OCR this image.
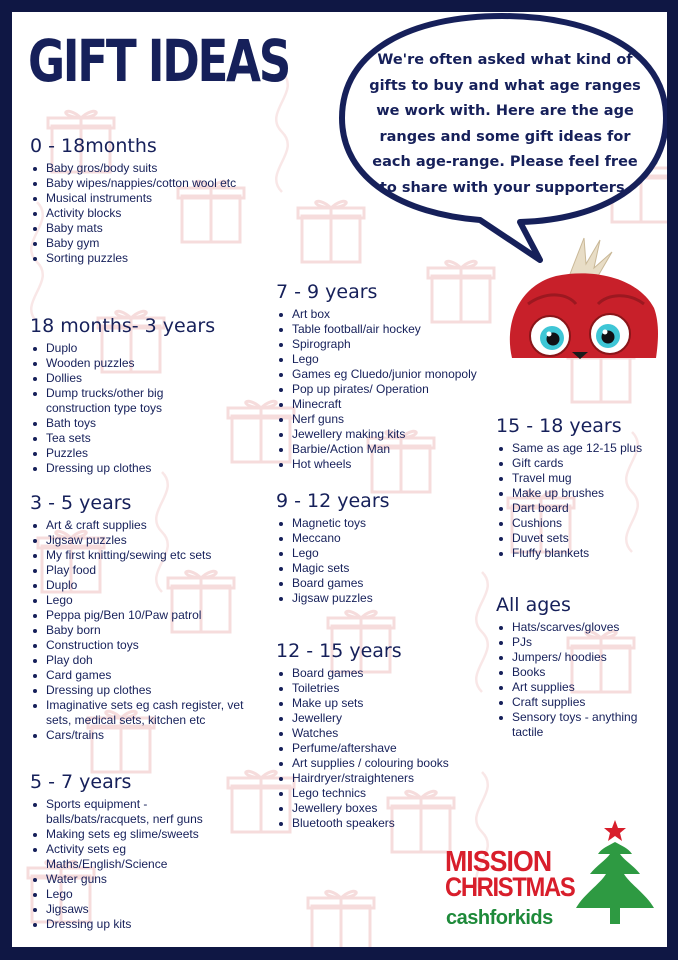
GIFT IDEAS	We're often asked what kind of gifts to buy and what age ranges we work with. Here are the age ranges and some gift ideas for each age-range. Please feel free to share with your supporters.
0 - 18months
Baby gros/body suits
Baby wipes/nappies/cotton wool etc
Musical instruments
Activity blocks
Baby mats
Baby gym
Sorting puzzles
18 months- 3 years
Duplo
Wooden puzzles
Dollies
Dump trucks/other big construction type toys
Bath toys
Tea sets
Puzzles
Dressing up clothes
3 - 5 years
Art & craft supplies
Jigsaw puzzles
My first knitting/sewing etc sets
Play food
Duplo
Lego
Peppa pig/Ben 10/Paw patrol
Baby born
Construction toys
Play doh
Card games
Dressing up clothes
Imaginative sets eg cash register, vet sets, medical sets, kitchen etc
Cars/trains
5 - 7 years
Sports equipment - balls/bats/racquets, nerf guns
Making sets eg slime/sweets
Activity sets eg Maths/English/Science
Water guns
Lego
Jigsaws
Dressing up kits
7 - 9 years
Art box
Table football/air hockey
Spirograph
Lego
Games eg Cluedo/junior monopoly
Pop up pirates/ Operation
Minecraft
Nerf guns
Jewellery making kits
Barbie/Action Man
Hot wheels
9 - 12 years
Magnetic toys
Meccano
Lego
Magic sets
Board games
Jigsaw puzzles
12 - 15 years
Board games
Toiletries
Make up sets
Jewellery
Watches
Perfume/aftershave
Art supplies / colouring books
Hairdryer/straighteners
Lego technics
Jewellery boxes
Bluetooth speakers
15 - 18 years
Same as age 12-15 plus
Gift cards
Travel mug
Make up brushes
Dart board
Cushions
Duvet sets
Fluffy blankets
All ages
Hats/scarves/gloves
PJs
Jumpers/ hoodies
Books
Art supplies
Craft supplies
Sensory toys - anything tactile
MISSION
CHRISTMAS
cashforkids
